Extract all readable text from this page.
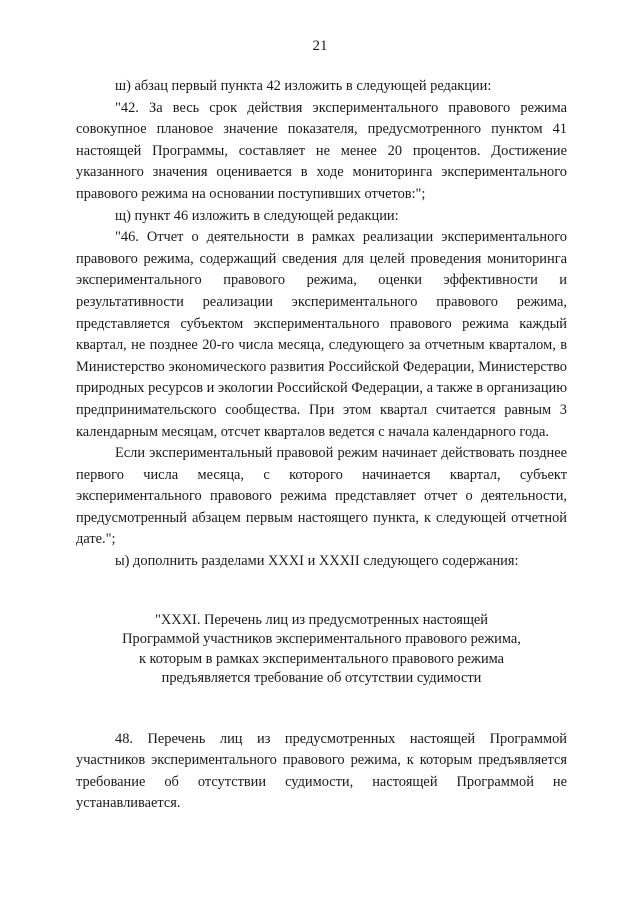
21

ш) абзац первый пункта 42 изложить в следующей редакции:

"42. За весь срок действия экспериментального правового режима совокупное плановое значение показателя, предусмотренного пунктом 41 настоящей Программы, составляет не менее 20 процентов. Достижение указанного значения оценивается в ходе мониторинга экспериментального правового режима на основании поступивших отчетов:";

щ) пункт 46 изложить в следующей редакции:

"46. Отчет о деятельности в рамках реализации экспериментального правового режима, содержащий сведения для целей проведения мониторинга экспериментального правового режима, оценки эффективности и результативности реализации экспериментального правового режима, представляется субъектом экспериментального правового режима каждый квартал, не позднее 20-го числа месяца, следующего за отчетным кварталом, в Министерство экономического развития Российской Федерации, Министерство природных ресурсов и экологии Российской Федерации, а также в организацию предпринимательского сообщества. При этом квартал считается равным 3 календарным месяцам, отсчет кварталов ведется с начала календарного года.

Если экспериментальный правовой режим начинает действовать позднее первого числа месяца, с которого начинается квартал, субъект экспериментального правового режима представляет отчет о деятельности, предусмотренный абзацем первым настоящего пункта, к следующей отчетной дате.";

ы) дополнить разделами XXXI и XXXII следующего содержания:

"XXXI. Перечень лиц из предусмотренных настоящей
Программой участников экспериментального правового режима,
к которым в рамках экспериментального правового режима
предъявляется требование об отсутствии судимости

48. Перечень лиц из предусмотренных настоящей Программой участников экспериментального правового режима, к которым предъявляется требование об отсутствии судимости, настоящей Программой не устанавливается.
